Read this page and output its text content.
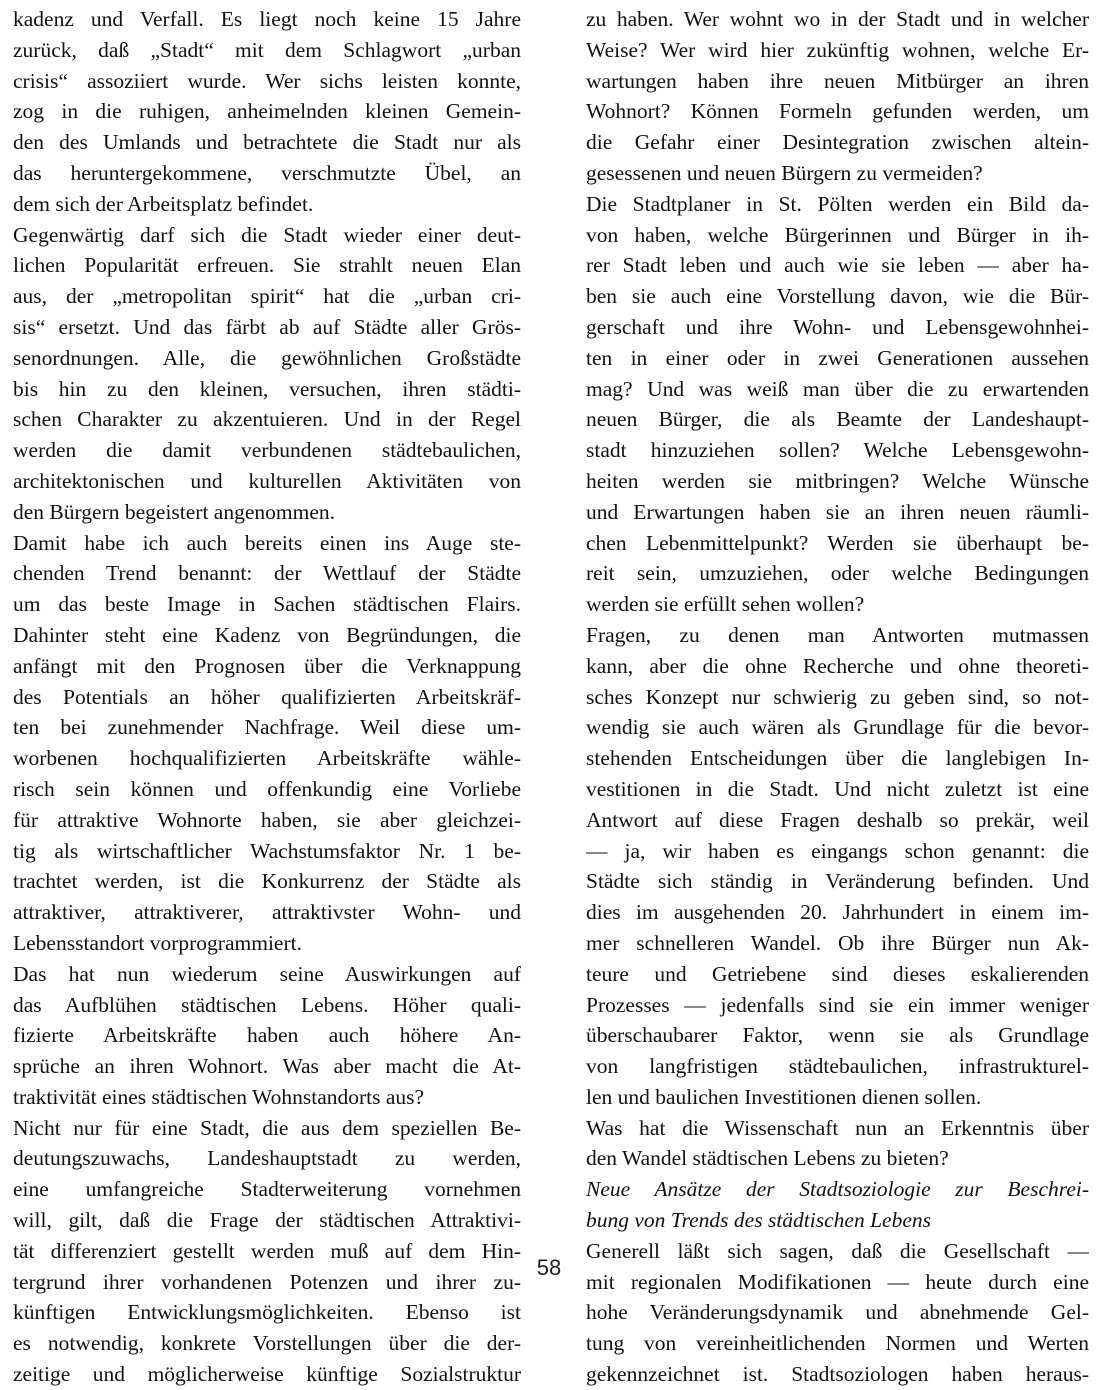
kadenz und Verfall. Es liegt noch keine 15 Jahre
zurück, daß „Stadt“ mit dem Schlagwort „urban
crisis“ assoziiert wurde. Wer sichs leisten konnte,
zog in die ruhigen, anheimelnden kleinen Gemein-
den des Umlands und betrachtete die Stadt nur als
das heruntergekommene, verschmutzte Übel, an
dem sich der Arbeitsplatz befindet.
Gegenwärtig darf sich die Stadt wieder einer deut-
lichen Popularität erfreuen. Sie strahlt neuen Elan
aus, der „metropolitan spirit“ hat die „urban cri-
sis“ ersetzt. Und das färbt ab auf Städte aller Grös-
senordnungen. Alle, die gewöhnlichen Großstädte
bis hin zu den kleinen, versuchen, ihren städti-
schen Charakter zu akzentuieren. Und in der Regel
werden die damit verbundenen städtebaulichen,
architektonischen und kulturellen Aktivitäten von
den Bürgern begeistert angenommen.
Damit habe ich auch bereits einen ins Auge ste-
chenden Trend benannt: der Wettlauf der Städte
um das beste Image in Sachen städtischen Flairs.
Dahinter steht eine Kadenz von Begründungen, die
anfängt mit den Prognosen über die Verknappung
des Potentials an höher qualifizierten Arbeitskräf-
ten bei zunehmender Nachfrage. Weil diese um-
worbenen hochqualifizierten Arbeitskräfte wähle-
risch sein können und offenkundig eine Vorliebe
für attraktive Wohnorte haben, sie aber gleichzei-
tig als wirtschaftlicher Wachstumsfaktor Nr. 1 be-
trachtet werden, ist die Konkurrenz der Städte als
attraktiver, attraktiverer, attraktivster Wohn- und
Lebensstandort vorprogrammiert.
Das hat nun wiederum seine Auswirkungen auf
das Aufblühen städtischen Lebens. Höher quali-
fizierte Arbeitskräfte haben auch höhere An-
sprüche an ihren Wohnort. Was aber macht die At-
traktivität eines städtischen Wohnstandorts aus?
Nicht nur für eine Stadt, die aus dem speziellen Be-
deutungszuwachs, Landeshauptstadt zu werden,
eine umfangreiche Stadterweiterung vornehmen
will, gilt, daß die Frage der städtischen Attraktivi-
tät differenziert gestellt werden muß auf dem Hin-
tergrund ihrer vorhandenen Potenzen und ihrer zu-
künftigen Entwicklungsmöglichkeiten. Ebenso ist
es notwendig, konkrete Vorstellungen über die der-
zeitige und möglicherweise künftige Sozialstruktur
zu haben. Wer wohnt wo in der Stadt und in welcher
Weise? Wer wird hier zukünftig wohnen, welche Er-
wartungen haben ihre neuen Mitbürger an ihren
Wohnort? Können Formeln gefunden werden, um
die Gefahr einer Desintegration zwischen altein-
gesessenen und neuen Bürgern zu vermeiden?
Die Stadtplaner in St. Pölten werden ein Bild da-
von haben, welche Bürgerinnen und Bürger in ih-
rer Stadt leben und auch wie sie leben — aber ha-
ben sie auch eine Vorstellung davon, wie die Bür-
gerschaft und ihre Wohn- und Lebensgewohnhei-
ten in einer oder in zwei Generationen aussehen
mag? Und was weiß man über die zu erwartenden
neuen Bürger, die als Beamte der Landeshaupt-
stadt hinzuziehen sollen? Welche Lebensgewohn-
heiten werden sie mitbringen? Welche Wünsche
und Erwartungen haben sie an ihren neuen räumli-
chen Lebenmittelpunkt? Werden sie überhaupt be-
reit sein, umzuziehen, oder welche Bedingungen
werden sie erfüllt sehen wollen?
Fragen, zu denen man Antworten mutmassen
kann, aber die ohne Recherche und ohne theoreti-
sches Konzept nur schwierig zu geben sind, so not-
wendig sie auch wären als Grundlage für die bevor-
stehenden Entscheidungen über die langlebigen In-
vestitionen in die Stadt. Und nicht zuletzt ist eine
Antwort auf diese Fragen deshalb so prekär, weil
— ja, wir haben es eingangs schon genannt: die
Städte sich ständig in Veränderung befinden. Und
dies im ausgehenden 20. Jahrhundert in einem im-
mer schnelleren Wandel. Ob ihre Bürger nun Ak-
teure und Getriebene sind dieses eskalierenden
Prozesses — jedenfalls sind sie ein immer weniger
überschaubarer Faktor, wenn sie als Grundlage
von langfristigen städtebaulichen, infrastrukturel-
len und baulichen Investitionen dienen sollen.
Was hat die Wissenschaft nun an Erkenntnis über
den Wandel städtischen Lebens zu bieten?
Neue Ansätze der Stadtsoziologie zur Beschrei-
bung von Trends des städtischen Lebens
Generell läßt sich sagen, daß die Gesellschaft —
mit regionalen Modifikationen — heute durch eine
hohe Veränderungsdynamik und abnehmende Gel-
tung von vereinheitlichenden Normen und Werten
gekennzeichnet ist. Stadtsoziologen haben heraus-
58
